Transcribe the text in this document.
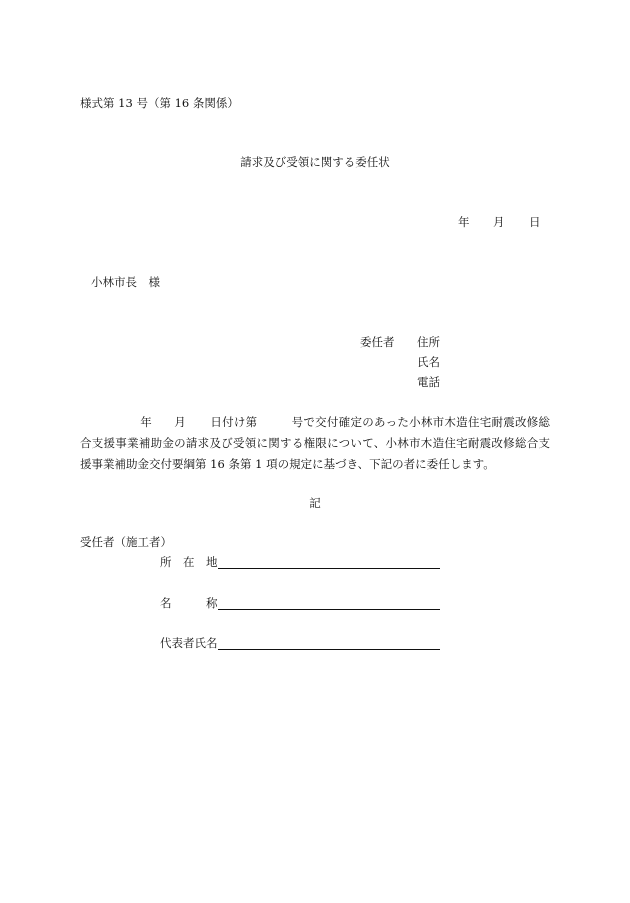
様式第 13 号（第 16 条関係）
請求及び受領に関する委任状
年 月 日
小林市長　様
委任者 住所
氏名
電話
年 月 日付け第	号で交付確定のあった小林市木造住宅耐震改修総合支援事業補助金の請求及び受領に関する権限について、小林市木造住宅耐震改修総合支援事業補助金交付要綱第 16 条第 1 項の規定に基づき、下記の者に委任します。
記
受任者（施工者）
所　在　地
名　　　称
代表者氏名
